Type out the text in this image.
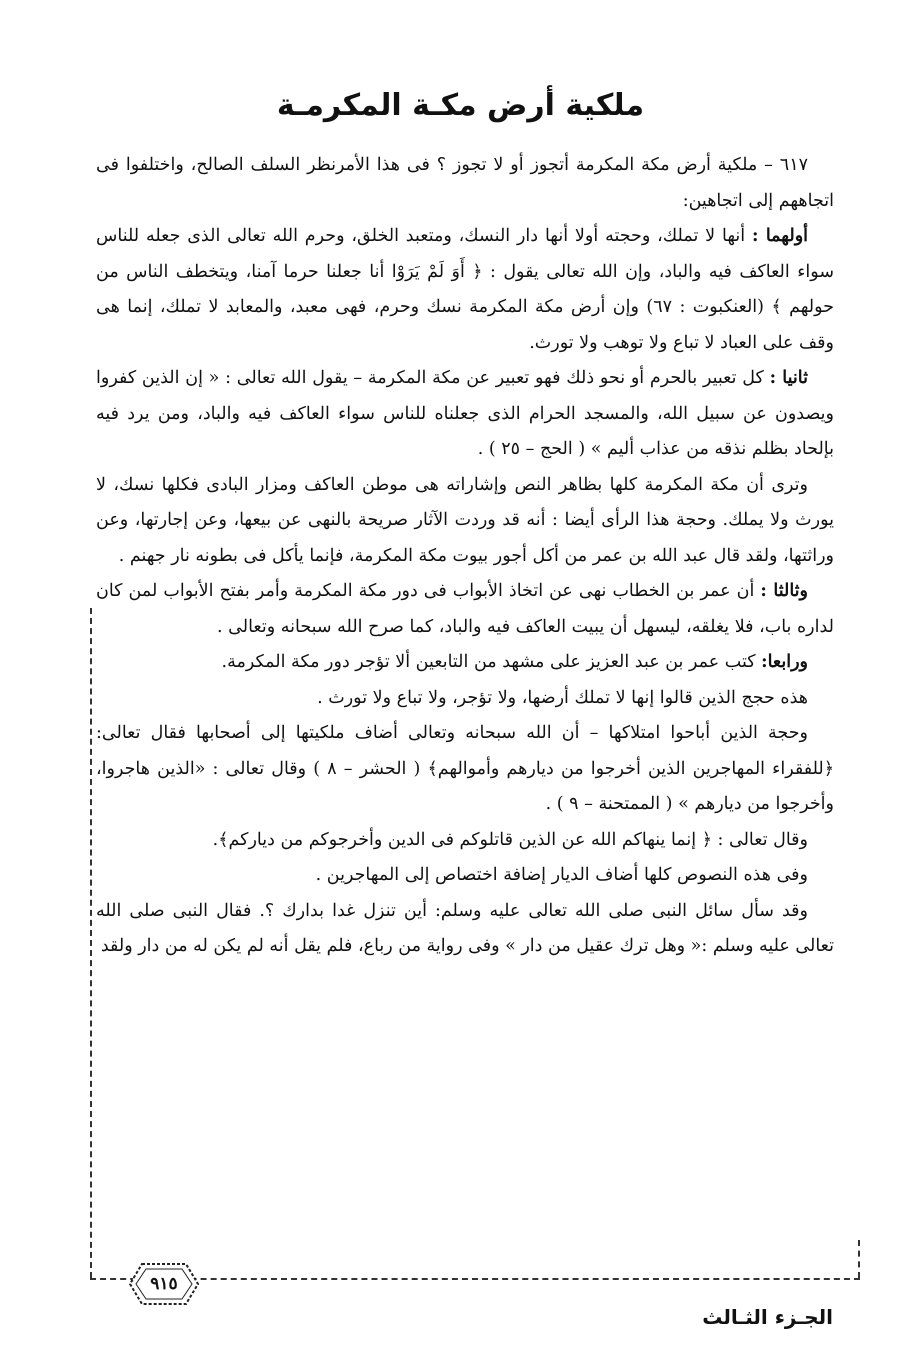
ملكية أرض مكـة المكرمـة

٦١٧ – ملكية أرض مكة المكرمة أتجوز أو لا تجوز ؟ فى هذا الأمرنظر السلف الصالح، واختلفوا فى اتجاههم إلى اتجاهين:

أولهما : أنها لا تملك، وحجته أولا أنها دار النسك، ومتعبد الخلق، وحرم الله تعالى الذى جعله للناس سواء العاكف فيه والباد، وإن الله تعالى يقول : ﴿ أَوَ لَمْ يَرَوْا أنا جعلنا حرما آمنا، ويتخطف الناس من حولهم ﴾ (العنكبوت : ٦٧) وإن أرض مكة المكرمة نسك وحرم، فهى معبد، والمعابد لا تملك، إنما هى وقف على العباد لا تباع ولا توهب ولا تورث.

ثانيا : كل تعبير بالحرم أو نحو ذلك فهو تعبير عن مكة المكرمة – يقول الله تعالى : « إن الذين كفروا ويصدون عن سبيل الله، والمسجد الحرام الذى جعلناه للناس سواء العاكف فيه والباد، ومن يرد فيه بإلحاد بظلم نذقه من عذاب أليم » ( الحج – ٢٥ ) .

وترى أن مكة المكرمة كلها بظاهر النص وإشاراته هى موطن العاكف ومزار البادى فكلها نسك، لا يورث ولا يملك. وحجة هذا الرأى أيضا : أنه قد وردت الآثار صريحة بالنهى عن بيعها، وعن إجارتها، وعن وراثتها، ولقد قال عبد الله بن عمر من أكل أجور بيوت مكة المكرمة، فإنما يأكل فى بطونه نار جهنم .

وثالثا : أن عمر بن الخطاب نهى عن اتخاذ الأبواب فى دور مكة المكرمة وأمر بفتح الأبواب لمن كان لداره باب، فلا يغلقه، ليسهل أن يبيت العاكف فيه والباد، كما صرح الله سبحانه وتعالى .

ورابعا: كتب عمر بن عبد العزيز على مشهد من التابعين ألا تؤجر دور مكة المكرمة.

هذه حجج الذين قالوا إنها لا تملك أرضها، ولا تؤجر، ولا تباع ولا تورث .

وحجة الذين أباحوا امتلاكها – أن الله سبحانه وتعالى أضاف ملكيتها إلى أصحابها فقال تعالى: ﴿للفقراء المهاجرين الذين أخرجوا من ديارهم وأموالهم﴾ ( الحشر – ٨ ) وقال تعالى : «الذين هاجروا، وأخرجوا من ديارهم » ( الممتحنة – ٩ ) .

وقال تعالى : ﴿ إنما ينهاكم الله عن الذين قاتلوكم فى الدين وأخرجوكم من دياركم﴾.

وفى هذه النصوص كلها أضاف الديار إضافة اختصاص إلى المهاجرين .

وقد سأل سائل النبى صلى الله تعالى عليه وسلم: أين تنزل غدا بدارك ؟. فقال النبى صلى الله تعالى عليه وسلم :« وهل ترك عقيل من دار » وفى رواية من رباع، فلم يقل أنه لم يكن له من دار ولقد

٩١٥
الجـزء الثـالث
